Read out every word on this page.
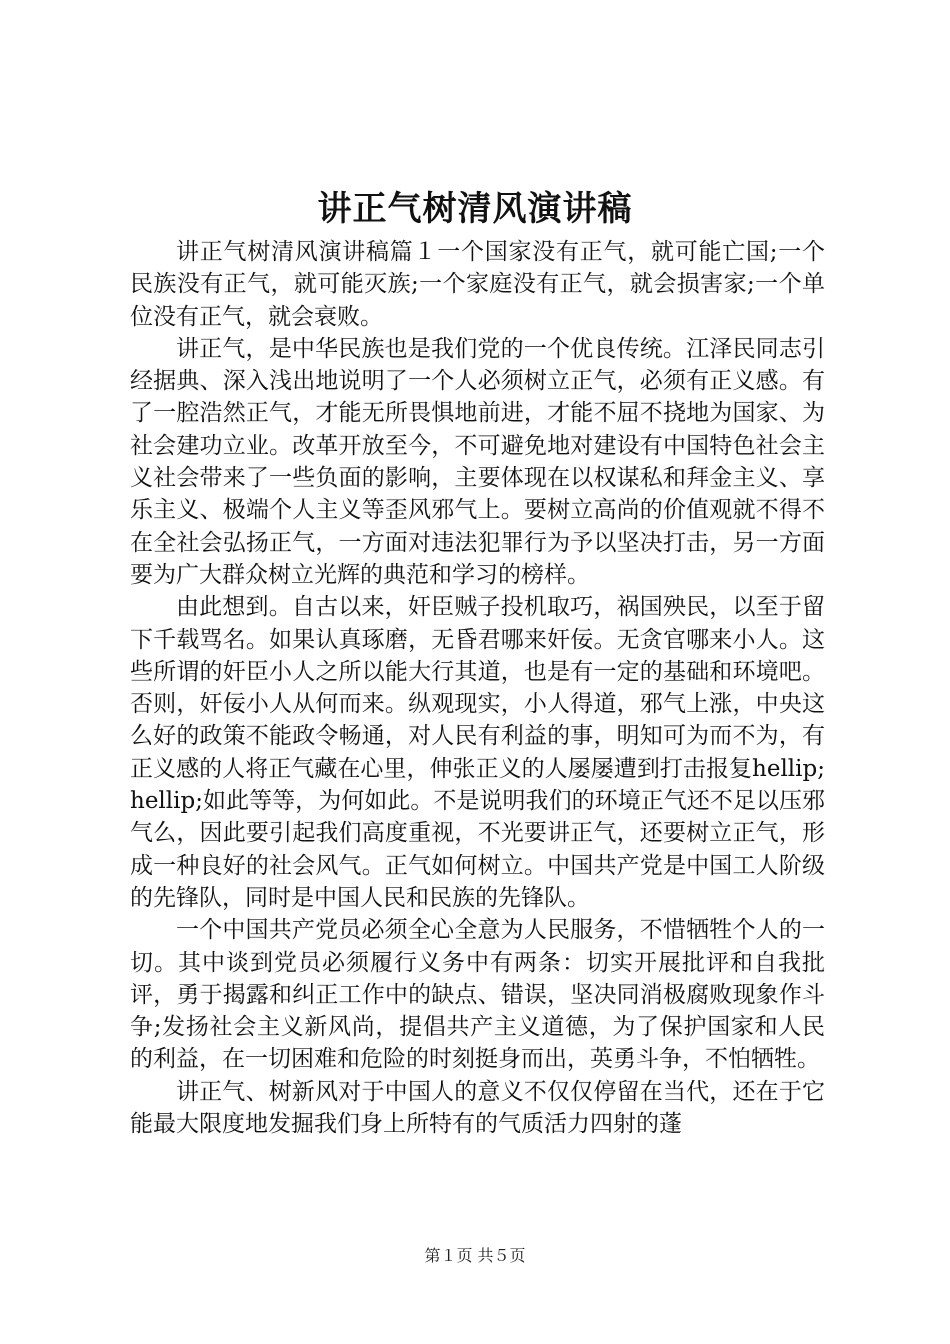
讲正气树清风演讲稿

讲正气树清风演讲稿篇１一个国家没有正气，就可能亡国;一个民族没有正气，就可能灭族;一个家庭没有正气，就会损害家;一个单位没有正气，就会衰败。

讲正气，是中华民族也是我们党的一个优良传统。江泽民同志引经据典、深入浅出地说明了一个人必须树立正气，必须有正义感。有了一腔浩然正气，才能无所畏惧地前进，才能不屈不挠地为国家、为社会建功立业。改革开放至今，不可避免地对建设有中国特色社会主义社会带来了一些负面的影响，主要体现在以权谋私和拜金主义、享乐主义、极端个人主义等歪风邪气上。要树立高尚的价值观就不得不在全社会弘扬正气，一方面对违法犯罪行为予以坚决打击，另一方面要为广大群众树立光辉的典范和学习的榜样。

由此想到。自古以来，奸臣贼子投机取巧，祸国殃民，以至于留下千载骂名。如果认真琢磨，无昏君哪来奸佞。无贪官哪来小人。这些所谓的奸臣小人之所以能大行其道，也是有一定的基础和环境吧。否则，奸佞小人从何而来。纵观现实，小人得道，邪气上涨，中央这么好的政策不能政令畅通，对人民有利益的事，明知可为而不为，有正义感的人将正气藏在心里，伸张正义的人屡屡遭到打击报复hellip;hellip;如此等等，为何如此。不是说明我们的环境正气还不足以压邪气么，因此要引起我们高度重视，不光要讲正气，还要树立正气，形成一种良好的社会风气。正气如何树立。中国共产党是中国工人阶级的先锋队，同时是中国人民和民族的先锋队。

一个中国共产党员必须全心全意为人民服务，不惜牺牲个人的一切。其中谈到党员必须履行义务中有两条：切实开展批评和自我批评，勇于揭露和纠正工作中的缺点、错误，坚决同消极腐败现象作斗争;发扬社会主义新风尚，提倡共产主义道德，为了保护国家和人民的利益，在一切困难和危险的时刻挺身而出，英勇斗争，不怕牺牲。

讲正气、树新风对于中国人的意义不仅仅停留在当代，还在于它能最大限度地发掘我们身上所特有的气质活力四射的蓬

第１页 共５页
